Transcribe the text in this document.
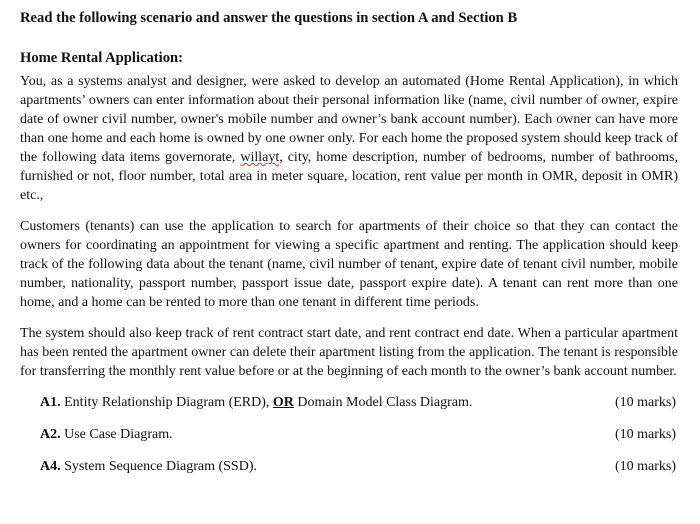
Read the following scenario and answer the questions in section A and Section B
Home Rental Application:

You, as a systems analyst and designer, were asked to develop an automated (Home Rental Application), in which apartments’ owners can enter information about their personal information like (name, civil number of owner, expire date of owner civil number, owner's mobile number and owner’s bank account number). Each owner can have more than one home and each home is owned by one owner only. For each home the proposed system should keep track of the following data items governorate, willayt, city, home description, number of bedrooms, number of bathrooms, furnished or not, floor number, total area in meter square, location, rent value per month in OMR, deposit in OMR) etc.,

Customers (tenants) can use the application to search for apartments of their choice so that they can contact the owners for coordinating an appointment for viewing a specific apartment and renting. The application should keep track of the following data about the tenant (name, civil number of tenant, expire date of tenant civil number, mobile number, nationality, passport number, passport issue date, passport expire date). A tenant can rent more than one home, and a home can be rented to more than one tenant in different time periods.

The system should also keep track of rent contract start date, and rent contract end date. When a particular apartment has been rented the apartment owner can delete their apartment listing from the application. The tenant is responsible for transferring the monthly rent value before or at the beginning of each month to the owner’s bank account number.

A1. Entity Relationship Diagram (ERD), OR Domain Model Class Diagram.	(10 marks)
A2. Use Case Diagram.	(10 marks)
A4. System Sequence Diagram (SSD).	(10 marks)
